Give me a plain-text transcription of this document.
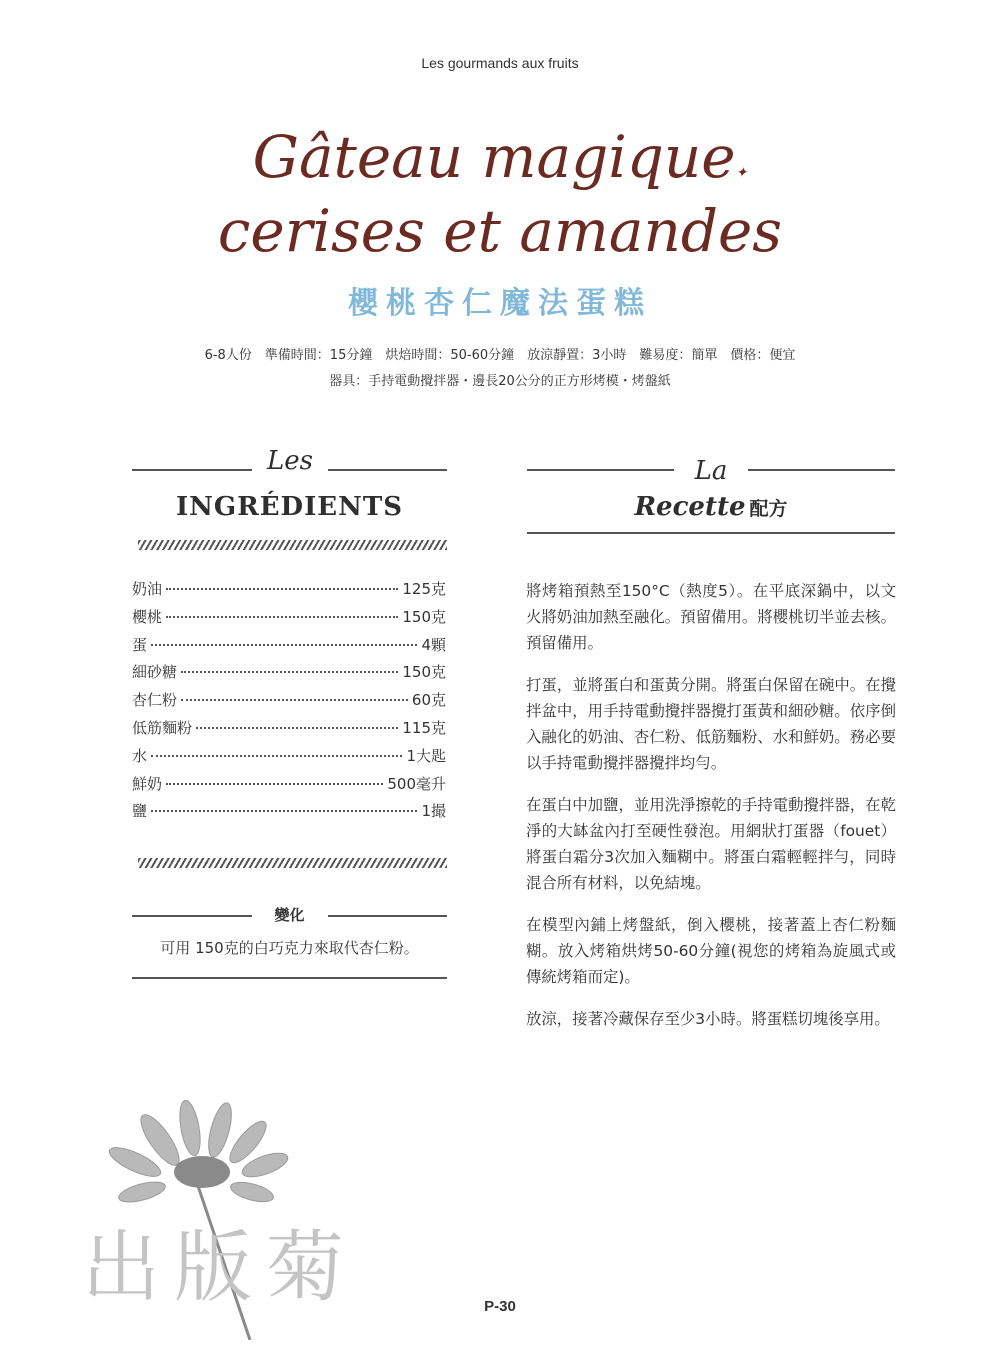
Les gourmands aux fruits
Gâteau magique✦
cerises et amandes
櫻桃杏仁魔法蛋糕
6-8人份　準備時間：15分鐘　烘焙時間：50-60分鐘　放涼靜置：3小時　難易度：簡單　價格：便宜
器具：手持電動攪拌器・邊長20公分的正方形烤模・烤盤紙
Les
INGRÉDIENTS
奶油	125克
櫻桃	150克
蛋	4顆
細砂糖	150克
杏仁粉	60克
低筋麵粉	115克
水	1大匙
鮮奶	500毫升
鹽	1撮
變化
可用 150克的白巧克力來取代杏仁粉。
La
Recette 配方

將烤箱預熱至150°C（熱度5）。在平底深鍋中，以文火將奶油加熱至融化。預留備用。將櫻桃切半並去核。預留備用。

打蛋，並將蛋白和蛋黃分開。將蛋白保留在碗中。在攪拌盆中，用手持電動攪拌器攪打蛋黃和細砂糖。依序倒入融化的奶油、杏仁粉、低筋麵粉、水和鮮奶。務必要以手持電動攪拌器攪拌均勻。

在蛋白中加鹽，並用洗淨擦乾的手持電動攪拌器，在乾淨的大缽盆內打至硬性發泡。用網狀打蛋器（fouet）將蛋白霜分3次加入麵糊中。將蛋白霜輕輕拌勻，同時混合所有材料，以免結塊。

在模型內鋪上烤盤紙，倒入櫻桃，接著蓋上杏仁粉麵糊。放入烤箱烘烤50-60分鐘(視您的烤箱為旋風式或傳統烤箱而定)。

放涼，接著冷藏保存至少3小時。將蛋糕切塊後享用。

出版菊	P-30
